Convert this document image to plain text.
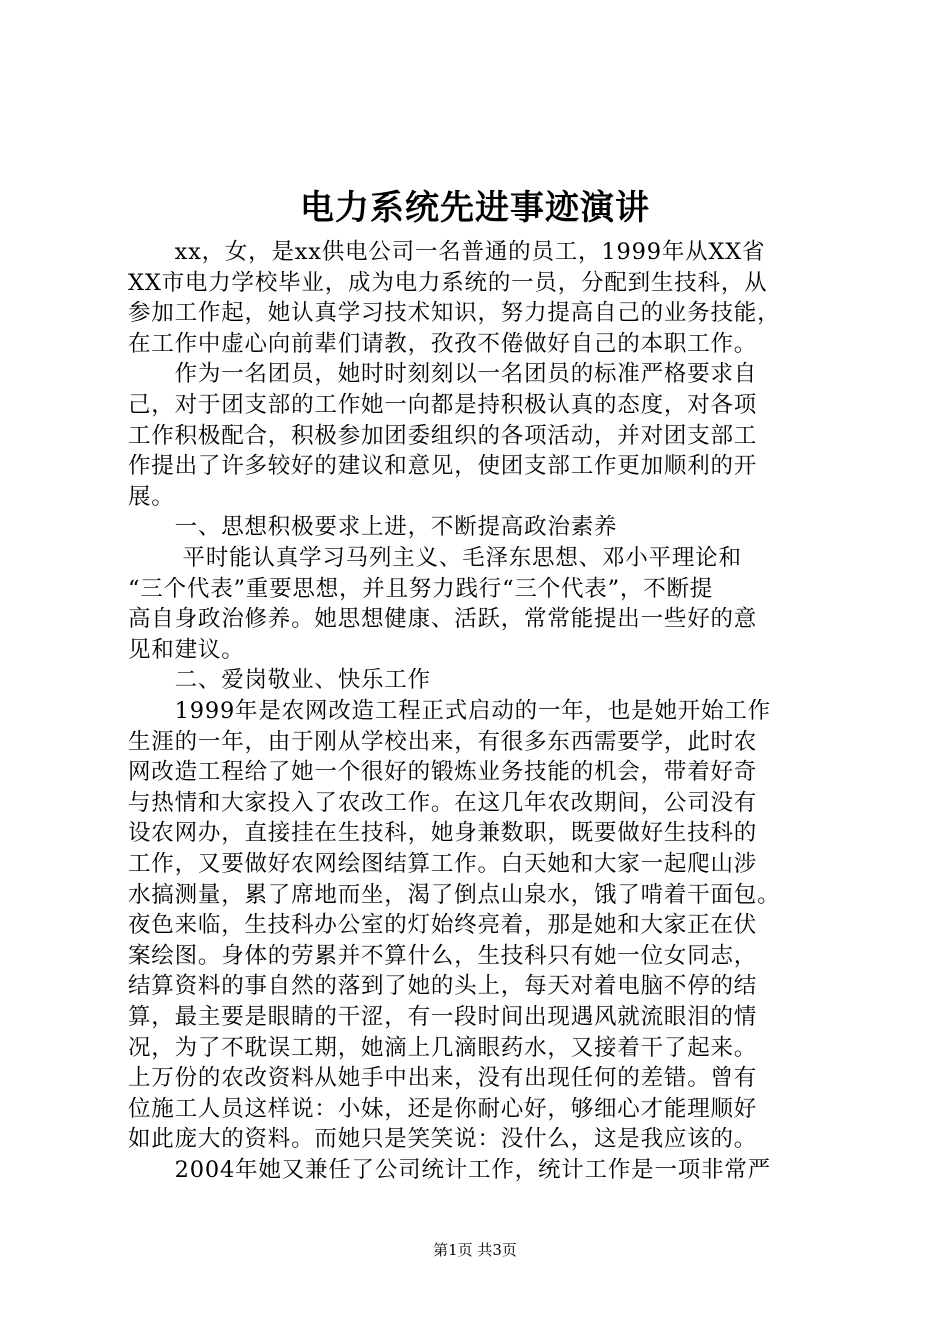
电力系统先进事迹演讲
　　xx，女，是xx供电公司一名普通的员工，1999年从XX省
XX市电力学校毕业，成为电力系统的一员，分配到生技科，从
参加工作起，她认真学习技术知识，努力提高自己的业务技能，
在工作中虚心向前辈们请教，孜孜不倦做好自己的本职工作。
　　作为一名团员，她时时刻刻以一名团员的标准严格要求自
己，对于团支部的工作她一向都是持积极认真的态度，对各项
工作积极配合，积极参加团委组织的各项活动，并对团支部工
作提出了许多较好的建议和意见，使团支部工作更加顺利的开
展。
　　一、思想积极要求上进，不断提高政治素养
　　 平时能认真学习马列主义、毛泽东思想、邓小平理论和
“三个代表”重要思想，并且努力践行“三个代表”，不断提
高自身政治修养。她思想健康、活跃，常常能提出一些好的意
见和建议。
　　二、爱岗敬业、快乐工作
　　1999年是农网改造工程正式启动的一年，也是她开始工作
生涯的一年，由于刚从学校出来，有很多东西需要学，此时农
网改造工程给了她一个很好的锻炼业务技能的机会，带着好奇
与热情和大家投入了农改工作。在这几年农改期间，公司没有
设农网办，直接挂在生技科，她身兼数职，既要做好生技科的
工作，又要做好农网绘图结算工作。白天她和大家一起爬山涉
水搞测量，累了席地而坐，渴了倒点山泉水，饿了啃着干面包。
夜色来临，生技科办公室的灯始终亮着，那是她和大家正在伏
案绘图。身体的劳累并不算什么，生技科只有她一位女同志，
结算资料的事自然的落到了她的头上，每天对着电脑不停的结
算，最主要是眼睛的干涩，有一段时间出现遇风就流眼泪的情
况，为了不耽误工期，她滴上几滴眼药水，又接着干了起来。
上万份的农改资料从她手中出来，没有出现任何的差错。曾有
位施工人员这样说：小妹，还是你耐心好，够细心才能理顺好
如此庞大的资料。而她只是笑笑说：没什么，这是我应该的。
　　2004年她又兼任了公司统计工作，统计工作是一项非常严
第1页 共3页
